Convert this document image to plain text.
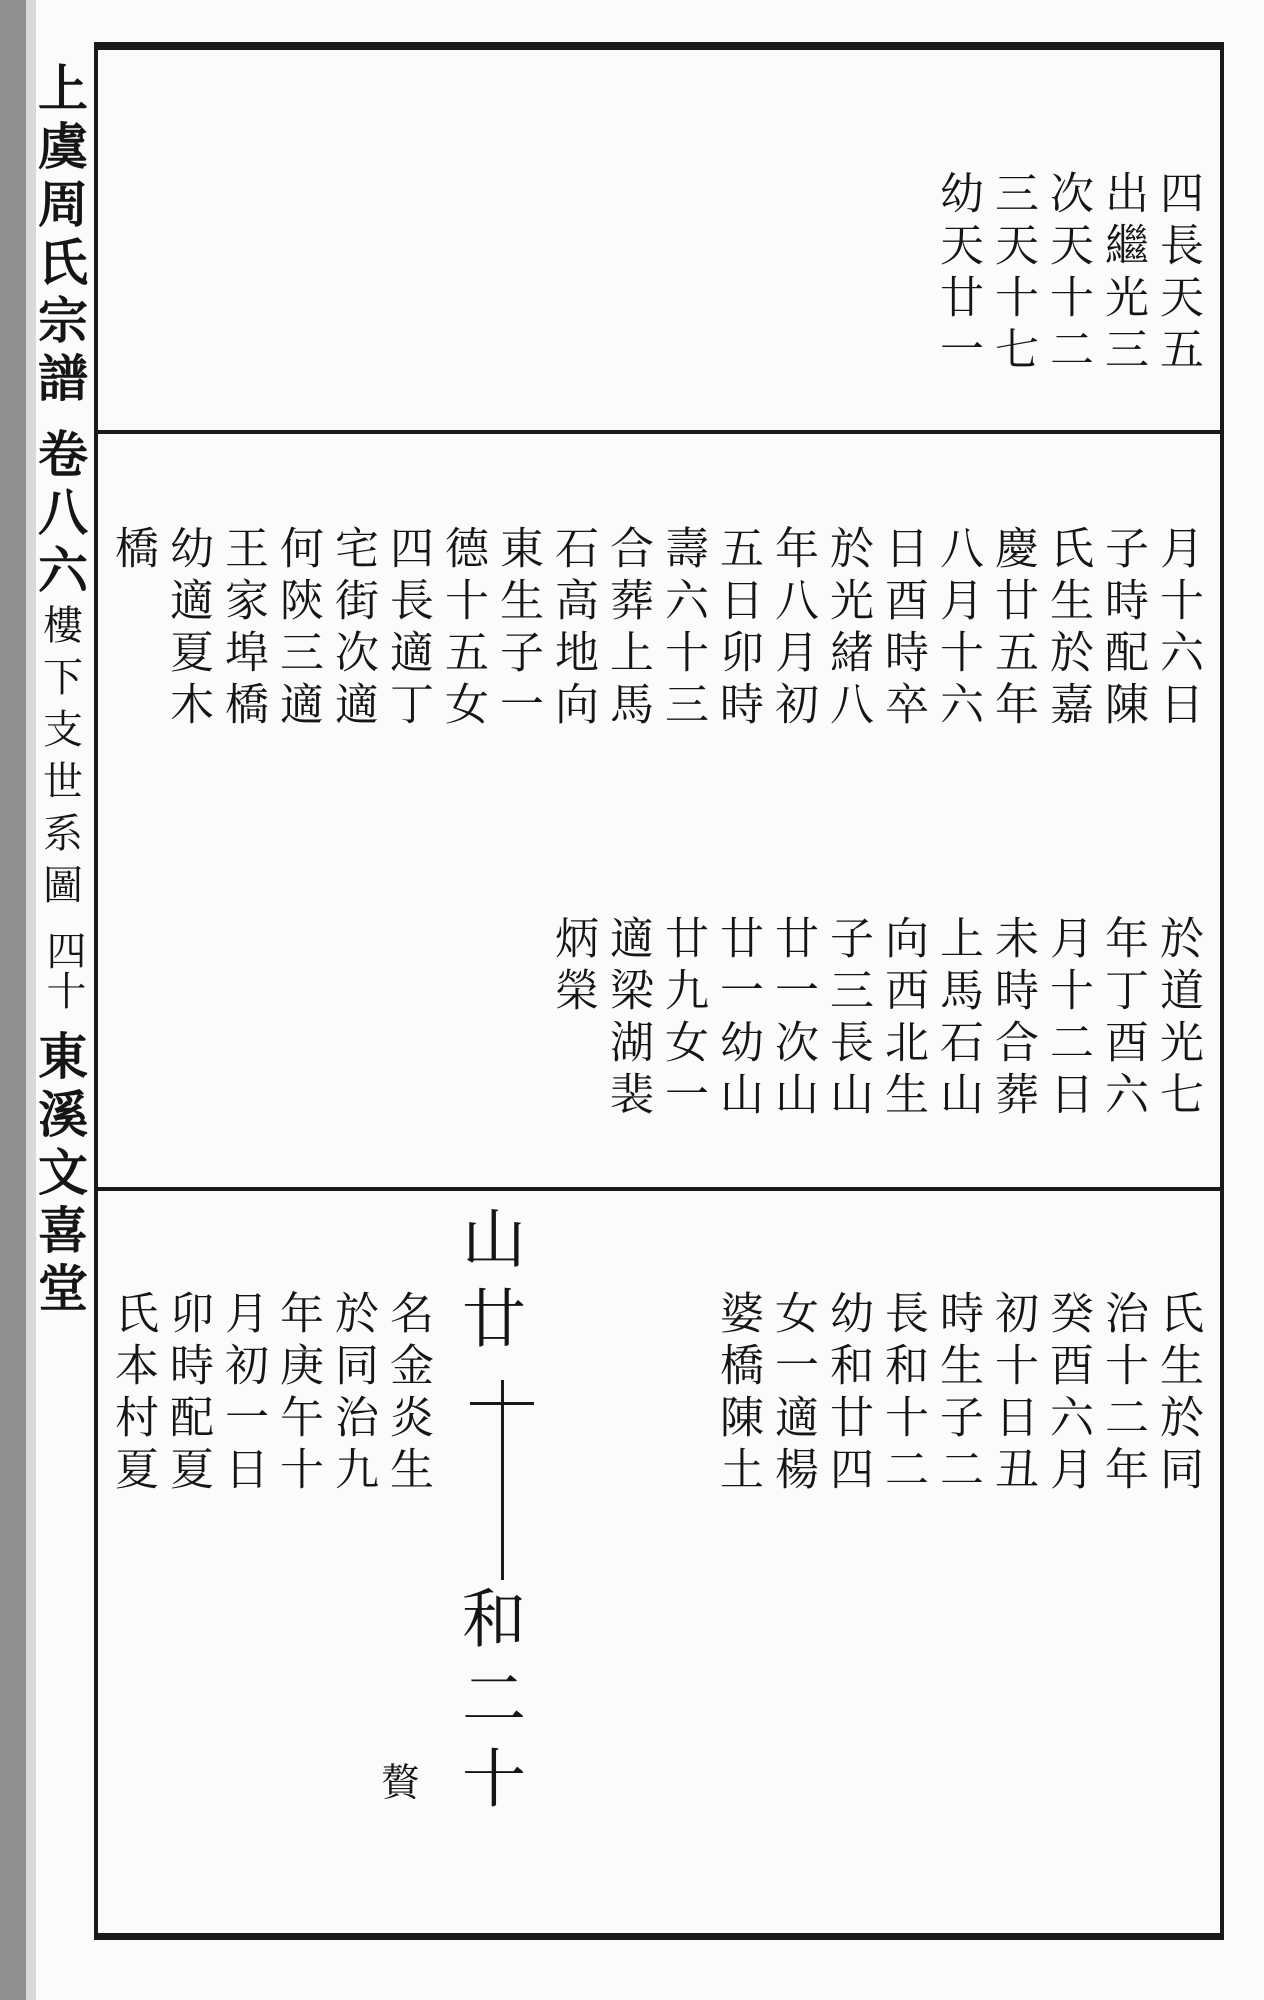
上
虞
周
氏
宗
譜
卷
八
六
樓
下
支
世
系
圖
四十
東
溪
文
喜
堂
四長天五
出繼光三
次天十二
三天十七
幼天廿一
月十六日
子時配陳
氏生於嘉
慶廿五年
八月十六
日酉時卒
於光緒八
年八月初
五日卯時
壽六十三
合葬上馬
石高地向
東生子一
德十五女
四長適丁
宅街次適
何陝三適
王家埠橋
幼適夏木
橋
於道光七
年丁酉六
月十二日
未時合葬
上馬石山
向西北生
子三長山
廿一次山
廿一幼山
廿九女一
適梁湖裴
炳榮
氏生於同
治十二年
癸酉六月
初十日丑
時生子二
長和十二
幼和廿四
女一適楊
婆橋陳土
山廿
和二十
贅
名金炎生
於同治九
年庚午十
月初一日
卯時配夏
氏本村夏
